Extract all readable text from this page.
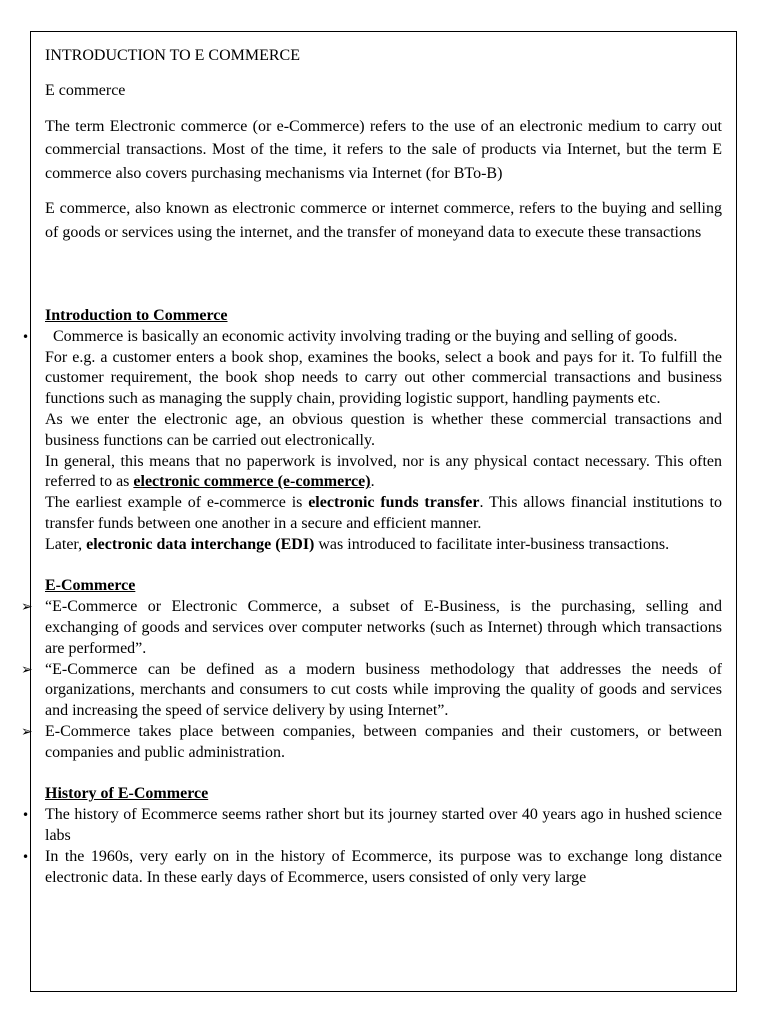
INTRODUCTION TO E COMMERCE

E commerce

The term Electronic commerce (or e-Commerce) refers to the use of an electronic medium to carry out commercial transactions. Most of the time, it refers to the sale of products via Internet, but the term E commerce also covers purchasing mechanisms via Internet (for BTo-B)

E commerce, also known as electronic commerce or internet commerce, refers to the buying and selling of goods or services using the internet, and the transfer of moneyand data to execute these transactions

Introduction to Commerce

• Commerce is basically an economic activity involving trading or the buying and selling of goods.

For e.g. a customer enters a book shop, examines the books, select a book and pays for it. To fulfill the customer requirement, the book shop needs to carry out other commercial transactions and business functions such as managing the supply chain, providing logistic support, handling payments etc.

As we enter the electronic age, an obvious question is whether these commercial transactions and business functions can be carried out electronically.

In general, this means that no paperwork is involved, nor is any physical contact necessary. This often referred to as electronic commerce (e-commerce).

The earliest example of e-commerce is electronic funds transfer. This allows financial institutions to transfer funds between one another in a secure and efficient manner.

Later, electronic data interchange (EDI) was introduced to facilitate inter-business transactions.

E-Commerce

➢ “E-Commerce or Electronic Commerce, a subset of E-Business, is the purchasing, selling and exchanging of goods and services over computer networks (such as Internet) through which transactions are performed”.

➢ “E-Commerce can be defined as a modern business methodology that addresses the needs of organizations, merchants and consumers to cut costs while improving the quality of goods and services and increasing the speed of service delivery by using Internet”.

➢ E-Commerce takes place between companies, between companies and their customers, or between companies and public administration.

History of E-Commerce

• The history of Ecommerce seems rather short but its journey started over 40 years ago in hushed science labs

• In the 1960s, very early on in the history of Ecommerce, its purpose was to exchange long distance electronic data. In these early days of Ecommerce, users consisted of only very large
